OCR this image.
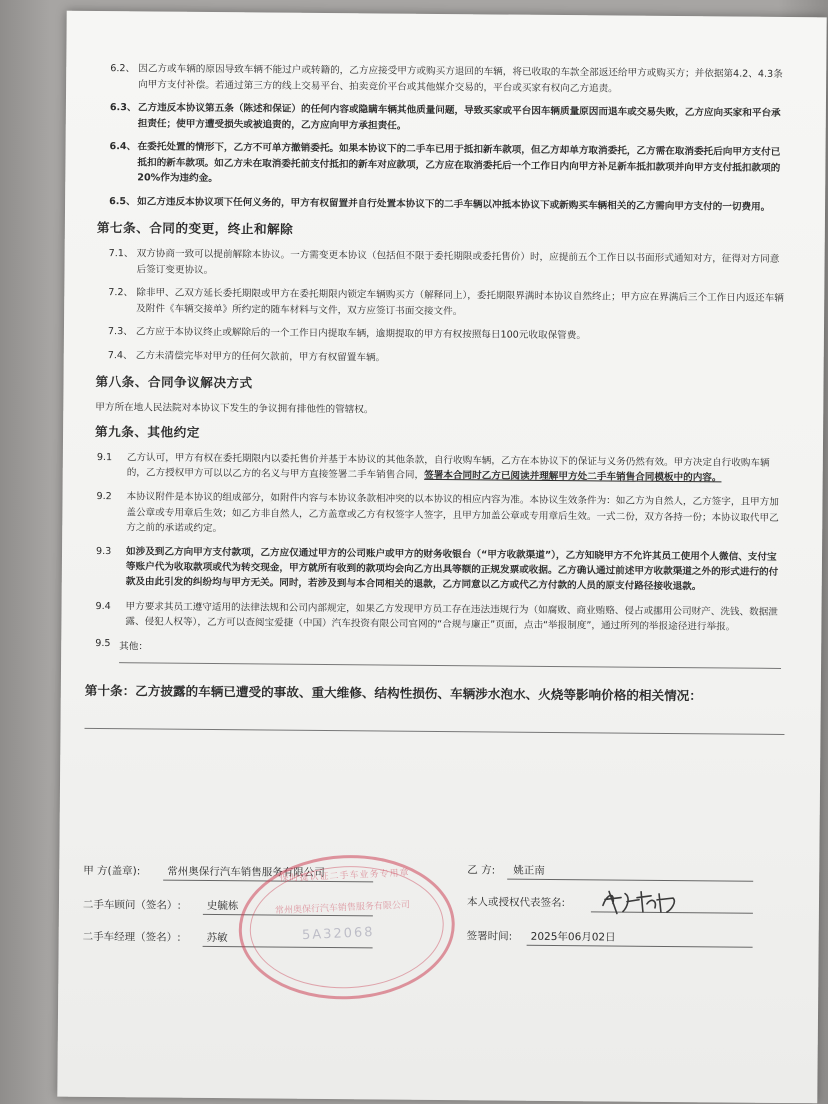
6.2、 因乙方或车辆的原因导致车辆不能过户或转籍的，乙方应接受甲方或购买方退回的车辆，将已收取的车款全部返还给甲方或购买方；并依据第4.2、4.3条向甲方支付补偿。若通过第三方的线上交易平台、拍卖竞价平台或其他媒介交易的，平台或买家有权向乙方追责。
6.3、 乙方违反本协议第五条（陈述和保证）的任何内容或隐瞒车辆其他质量问题，导致买家或平台因车辆质量原因而退车或交易失败，乙方应向买家和平台承担责任；使甲方遭受损失或被追责的，乙方应向甲方承担责任。
6.4、 在委托处置的情形下，乙方不可单方撤销委托。如果本协议下的二手车已用于抵扣新车款项，但乙方却单方取消委托，乙方需在取消委托后向甲方支付已抵扣的新车款项。如乙方未在取消委托前支付抵扣的新车对应款项，乙方应在取消委托后一个工作日内向甲方补足新车抵扣款项并向甲方支付抵扣款项的20%作为违约金。
6.5、 如乙方违反本协议项下任何义务的，甲方有权留置并自行处置本协议下的二手车辆以冲抵本协议下或新购买车辆相关的乙方需向甲方支付的一切费用。
第七条、合同的变更，终止和解除
7.1、 双方协商一致可以提前解除本协议。一方需变更本协议（包括但不限于委托期限或委托售价）时，应提前五个工作日以书面形式通知对方，征得对方同意后签订变更协议。
7.2、 除非甲、乙双方延长委托期限或甲方在委托期限内锁定车辆购买方（解释同上），委托期限界满时本协议自然终止；甲方应在界满后三个工作日内返还车辆及附件《车辆交接单》所约定的随车材料与文件，双方应签订书面交接文件。
7.3、 乙方应于本协议终止或解除后的一个工作日内提取车辆，逾期提取的甲方有权按照每日100元收取保管费。
7.4、 乙方未清偿完毕对甲方的任何欠款前，甲方有权留置车辆。
第八条、合同争议解决方式
甲方所在地人民法院对本协议下发生的争议拥有排他性的管辖权。
第九条、其他约定
9.1 乙方认可，甲方有权在委托期限内以委托售价并基于本协议的其他条款，自行收购车辆，乙方在本协议下的保证与义务仍然有效。甲方决定自行收购车辆的，乙方授权甲方可以以乙方的名义与甲方直接签署二手车销售合同，签署本合同时乙方已阅读并理解甲方处二手车销售合同模板中的内容。
9.2 本协议附件是本协议的组成部分，如附件内容与本协议条款相冲突的以本协议的相应内容为准。本协议生效条件为：如乙方为自然人，乙方签字，且甲方加盖公章或专用章后生效；如乙方非自然人，乙方盖章或乙方有权签字人签字，且甲方加盖公章或专用章后生效。一式二份，双方各持一份；本协议取代甲乙方之前的承诺或约定。
9.3 如涉及到乙方向甲方支付款项，乙方应仅通过甲方的公司账户或甲方的财务收银台（“甲方收款渠道”），乙方知晓甲方不允许其员工使用个人微信、支付宝等账户代为收取款项或代为转交现金，甲方就所有收到的款项均会向乙方出具等额的正规发票或收据。乙方确认通过前述甲方收款渠道之外的形式进行的付款及由此引发的纠纷均与甲方无关。同时，若涉及到与本合同相关的退款，乙方同意以乙方或代乙方付款的人员的原支付路径接收退款。
9.4 甲方要求其员工遵守适用的法律法规和公司内部规定，如果乙方发现甲方员工存在违法违规行为（如腐败、商业贿赂、侵占或挪用公司财产、洗钱、数据泄露、侵犯人权等），乙方可以查阅宝爱捷（中国）汽车投资有限公司官网的“合规与廉正”页面，点击“举报制度”，通过所列的举报途径进行举报。
9.5 其他：
第十条：乙方披露的车辆已遭受的事故、重大维修、结构性损伤、车辆涉水泡水、火烧等影响价格的相关情况：
甲 方(盖章):	常州奥保行汽车销售服务有限公司
二手车顾问（签名）: 史毓栋
二手车经理（签名）: 苏敏
乙 方: 姚正南
本人或授权代表签名:
签署时间: 2025年06月02日
保时捷认证二手车业务专用章
常州奥保行汽车销售服务有限公司
5A32068
